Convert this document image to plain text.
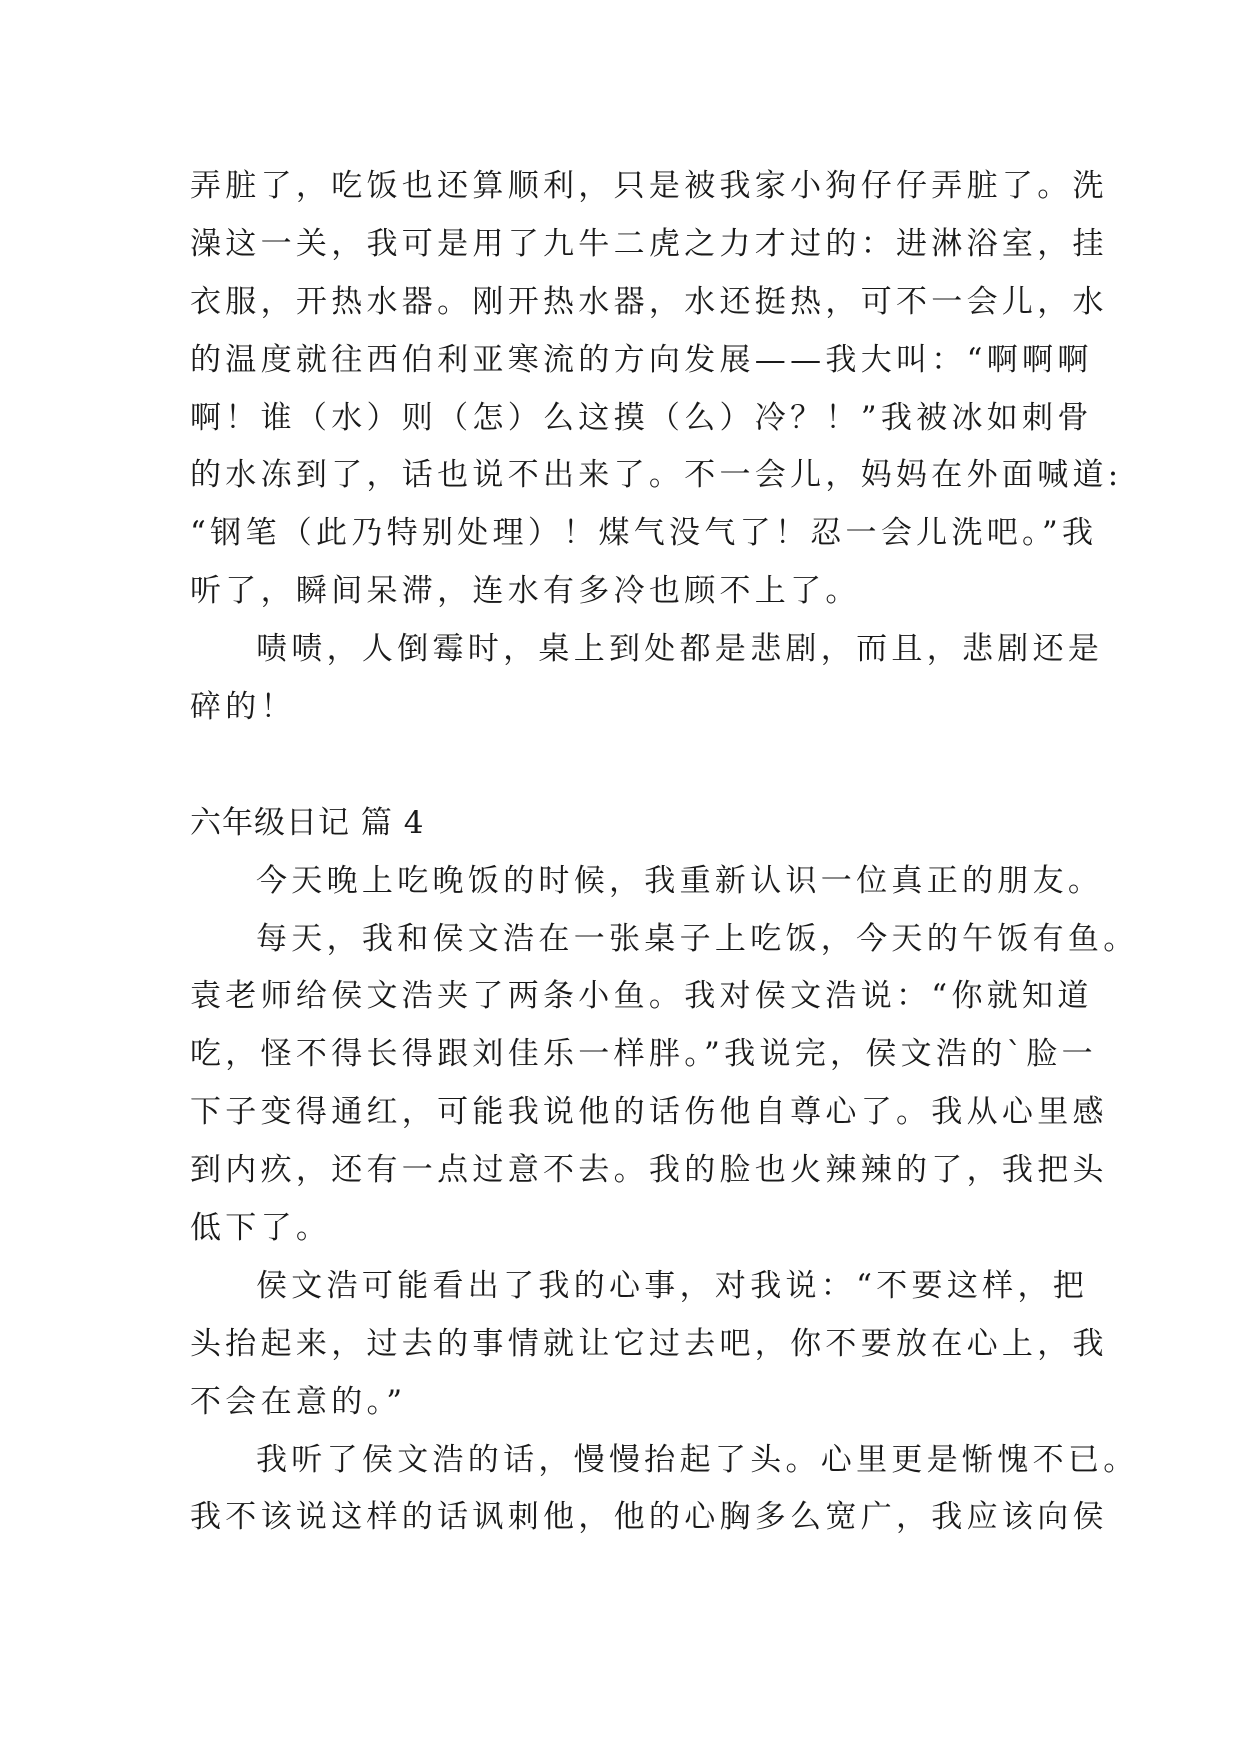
弄脏了，吃饭也还算顺利，只是被我家小狗仔仔弄脏了。洗
澡这一关，我可是用了九牛二虎之力才过的：进淋浴室，挂
衣服，开热水器。刚开热水器，水还挺热，可不一会儿，水
的温度就往西伯利亚寒流的方向发展——我大叫：“啊啊啊
啊！谁（水）则（怎）么这摸（么）冷？！”我被冰如刺骨
的水冻到了，话也说不出来了。不一会儿，妈妈在外面喊道:
“钢笔（此乃特别处理）！煤气没气了！忍一会儿洗吧。”我
听了，瞬间呆滞，连水有多冷也顾不上了。
啧啧，人倒霉时，桌上到处都是悲剧，而且，悲剧还是
碎的！
六年级日记 篇 4
今天晚上吃晚饭的时候，我重新认识一位真正的朋友。
每天，我和侯文浩在一张桌子上吃饭，今天的午饭有鱼。
袁老师给侯文浩夹了两条小鱼。我对侯文浩说：“你就知道
吃，怪不得长得跟刘佳乐一样胖。”我说完，侯文浩的`脸一
下子变得通红，可能我说他的话伤他自尊心了。我从心里感
到内疚，还有一点过意不去。我的脸也火辣辣的了，我把头
低下了。
侯文浩可能看出了我的心事，对我说：“不要这样，把
头抬起来，过去的事情就让它过去吧，你不要放在心上，我
不会在意的。”
我听了侯文浩的话，慢慢抬起了头。心里更是惭愧不已。
我不该说这样的话讽刺他，他的心胸多么宽广，我应该向侯
